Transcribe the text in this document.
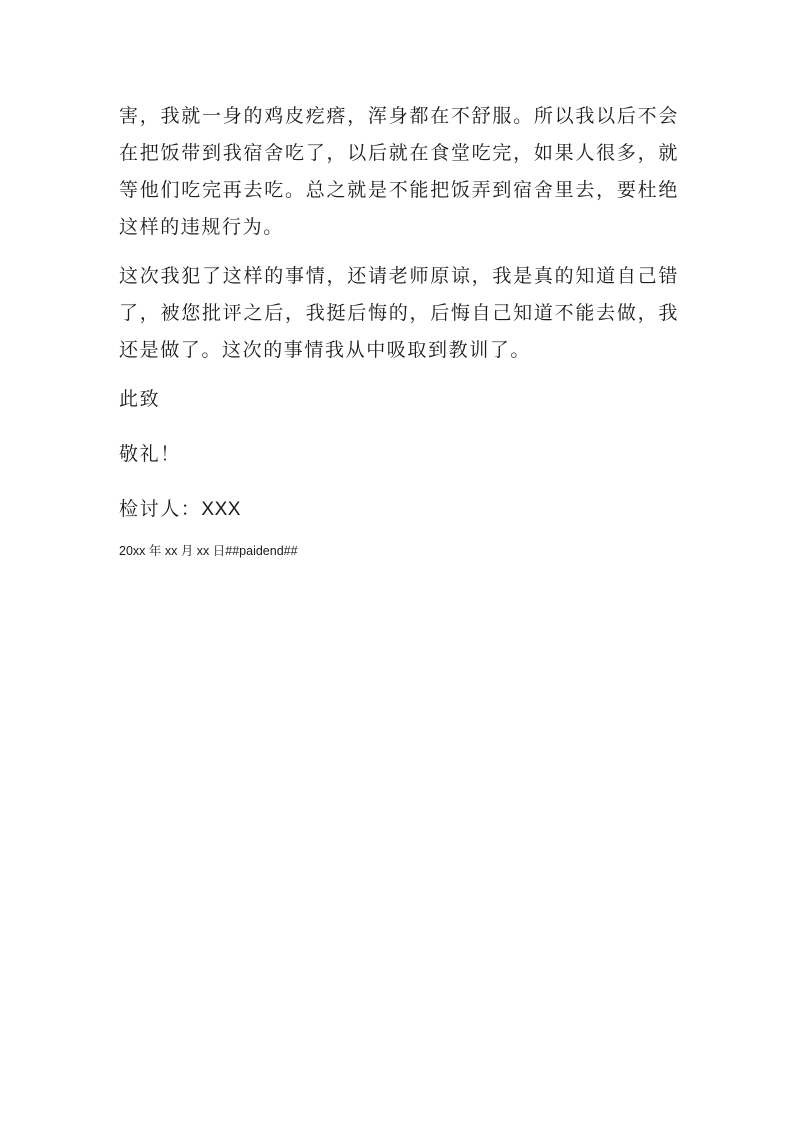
害，我就一身的鸡皮疙瘩，浑身都在不舒服。所以我以后不会在把饭带到我宿舍吃了，以后就在食堂吃完，如果人很多，就等他们吃完再去吃。总之就是不能把饭弄到宿舍里去，要杜绝这样的违规行为。

这次我犯了这样的事情，还请老师原谅，我是真的知道自己错了，被您批评之后，我挺后悔的，后悔自己知道不能去做，我还是做了。这次的事情我从中吸取到教训了。

此致

敬礼！

检讨人：XXX

20xx 年 xx 月 xx 日##paidend##
